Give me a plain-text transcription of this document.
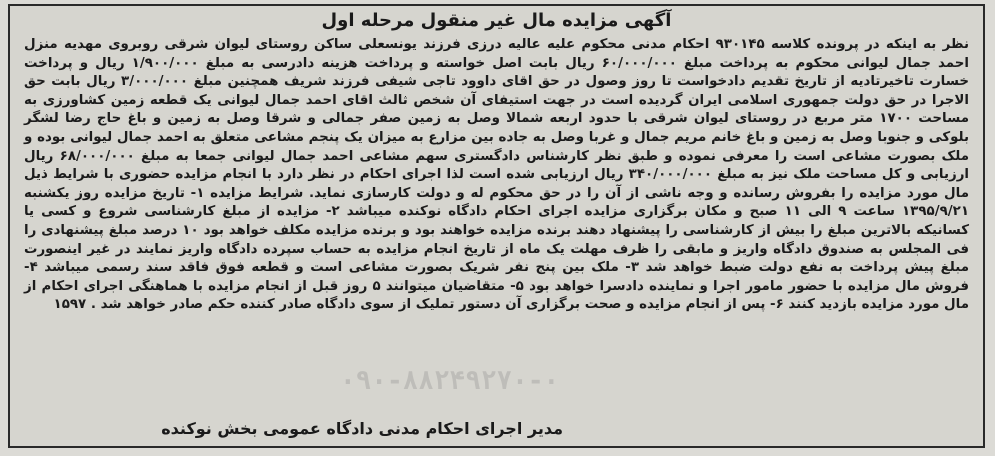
آگهی مزایده مال غیر منقول مرحله اول
نظر به اینکه در پرونده کلاسه ۹۳۰۱۴۵ احکام مدنی محکوم علیه عالیه درزی فرزند یونسعلی ساکن روستای لیوان شرقی روبروی مهدیه منزل احمد جمال لیوانی محکوم به پرداخت مبلغ ۶۰/۰۰۰/۰۰۰ ریال بابت اصل خواسته و پرداخت هزینه دادرسی به مبلغ ۱/۹۰۰/۰۰۰ ریال و پرداخت خسارت تاخیرتادیه از تاریخ تقدیم دادخواست تا روز وصول در حق اقای داوود تاجی شیفی فرزند شریف همچنین مبلغ ۳/۰۰۰/۰۰۰ ریال بابت حق الاجرا در حق دولت جمهوری اسلامی ایران گردیده است در جهت استیفای آن شخص ثالث اقای احمد جمال لیوانی یک قطعه زمین کشاورزی به مساحت ۱۷۰۰ متر مربع در روستای لیوان شرقی با حدود اربعه شمالا وصل به زمین صفر جمالی و شرقا وصل به زمین و باغ حاج رضا لشگر بلوکی و جنوبا وصل به زمین و باغ خانم مریم جمال و غربا وصل به جاده بین مزارع به میزان یک پنجم مشاعی متعلق به احمد جمال لیوانی بوده و ملک بصورت مشاعی است را معرفی نموده و طبق نظر کارشناس دادگستری سهم مشاعی احمد جمال لیوانی جمعا به مبلغ ۶۸/۰۰۰/۰۰۰ ریال ارزیابی و کل مساحت ملک نیز به مبلغ ۳۴۰/۰۰۰/۰۰۰ ریال ارزیابی شده است لذا اجرای احکام در نظر دارد با انجام مزایده حضوری با شرایط ذیل مال مورد مزایده را بفروش رسانده و وجه ناشی از آن را در حق محکوم له و دولت کارسازی نماید. شرایط مزایده ۱- تاریخ مزایده روز یکشنبه ۱۳۹۵/۹/۲۱ ساعت ۹ الی ۱۱ صبح و مکان برگزاری مزایده اجرای احکام دادگاه نوکنده میباشد ۲- مزایده از مبلغ کارشناسی شروع و کسی یا کسانیکه بالاترین مبلغ را بیش از کارشناسی را پیشنهاد دهند برنده مزایده خواهند بود و برنده مزایده مکلف خواهد بود ۱۰ درصد مبلغ پیشنهادی را فی المجلس به صندوق دادگاه واریز و مابقی را ظرف مهلت یک ماه از تاریخ انجام مزایده به حساب سپرده دادگاه واریز نمایند در غیر اینصورت مبلغ پیش پرداخت به نفع دولت ضبط خواهد شد ۳- ملک بین پنج نفر شریک بصورت مشاعی است و قطعه فوق فاقد سند رسمی میباشد ۴- فروش مال مزایده با حضور مامور اجرا و نماینده دادسرا خواهد بود ۵- متقاضیان میتوانند ۵ روز قبل از انجام مزایده با هماهنگی اجرای احکام از مال مورد مزایده بازدید کنند ۶- پس از انجام مزایده و صحت برگزاری آن دستور تملیک از سوی دادگاه صادر کننده حکم صادر خواهد شد . ۱۵۹۷
۰۹۰-۸۸۲۴۹۲۷۰-۰
مدیر اجرای احکام مدنی دادگاه عمومی بخش نوکنده
